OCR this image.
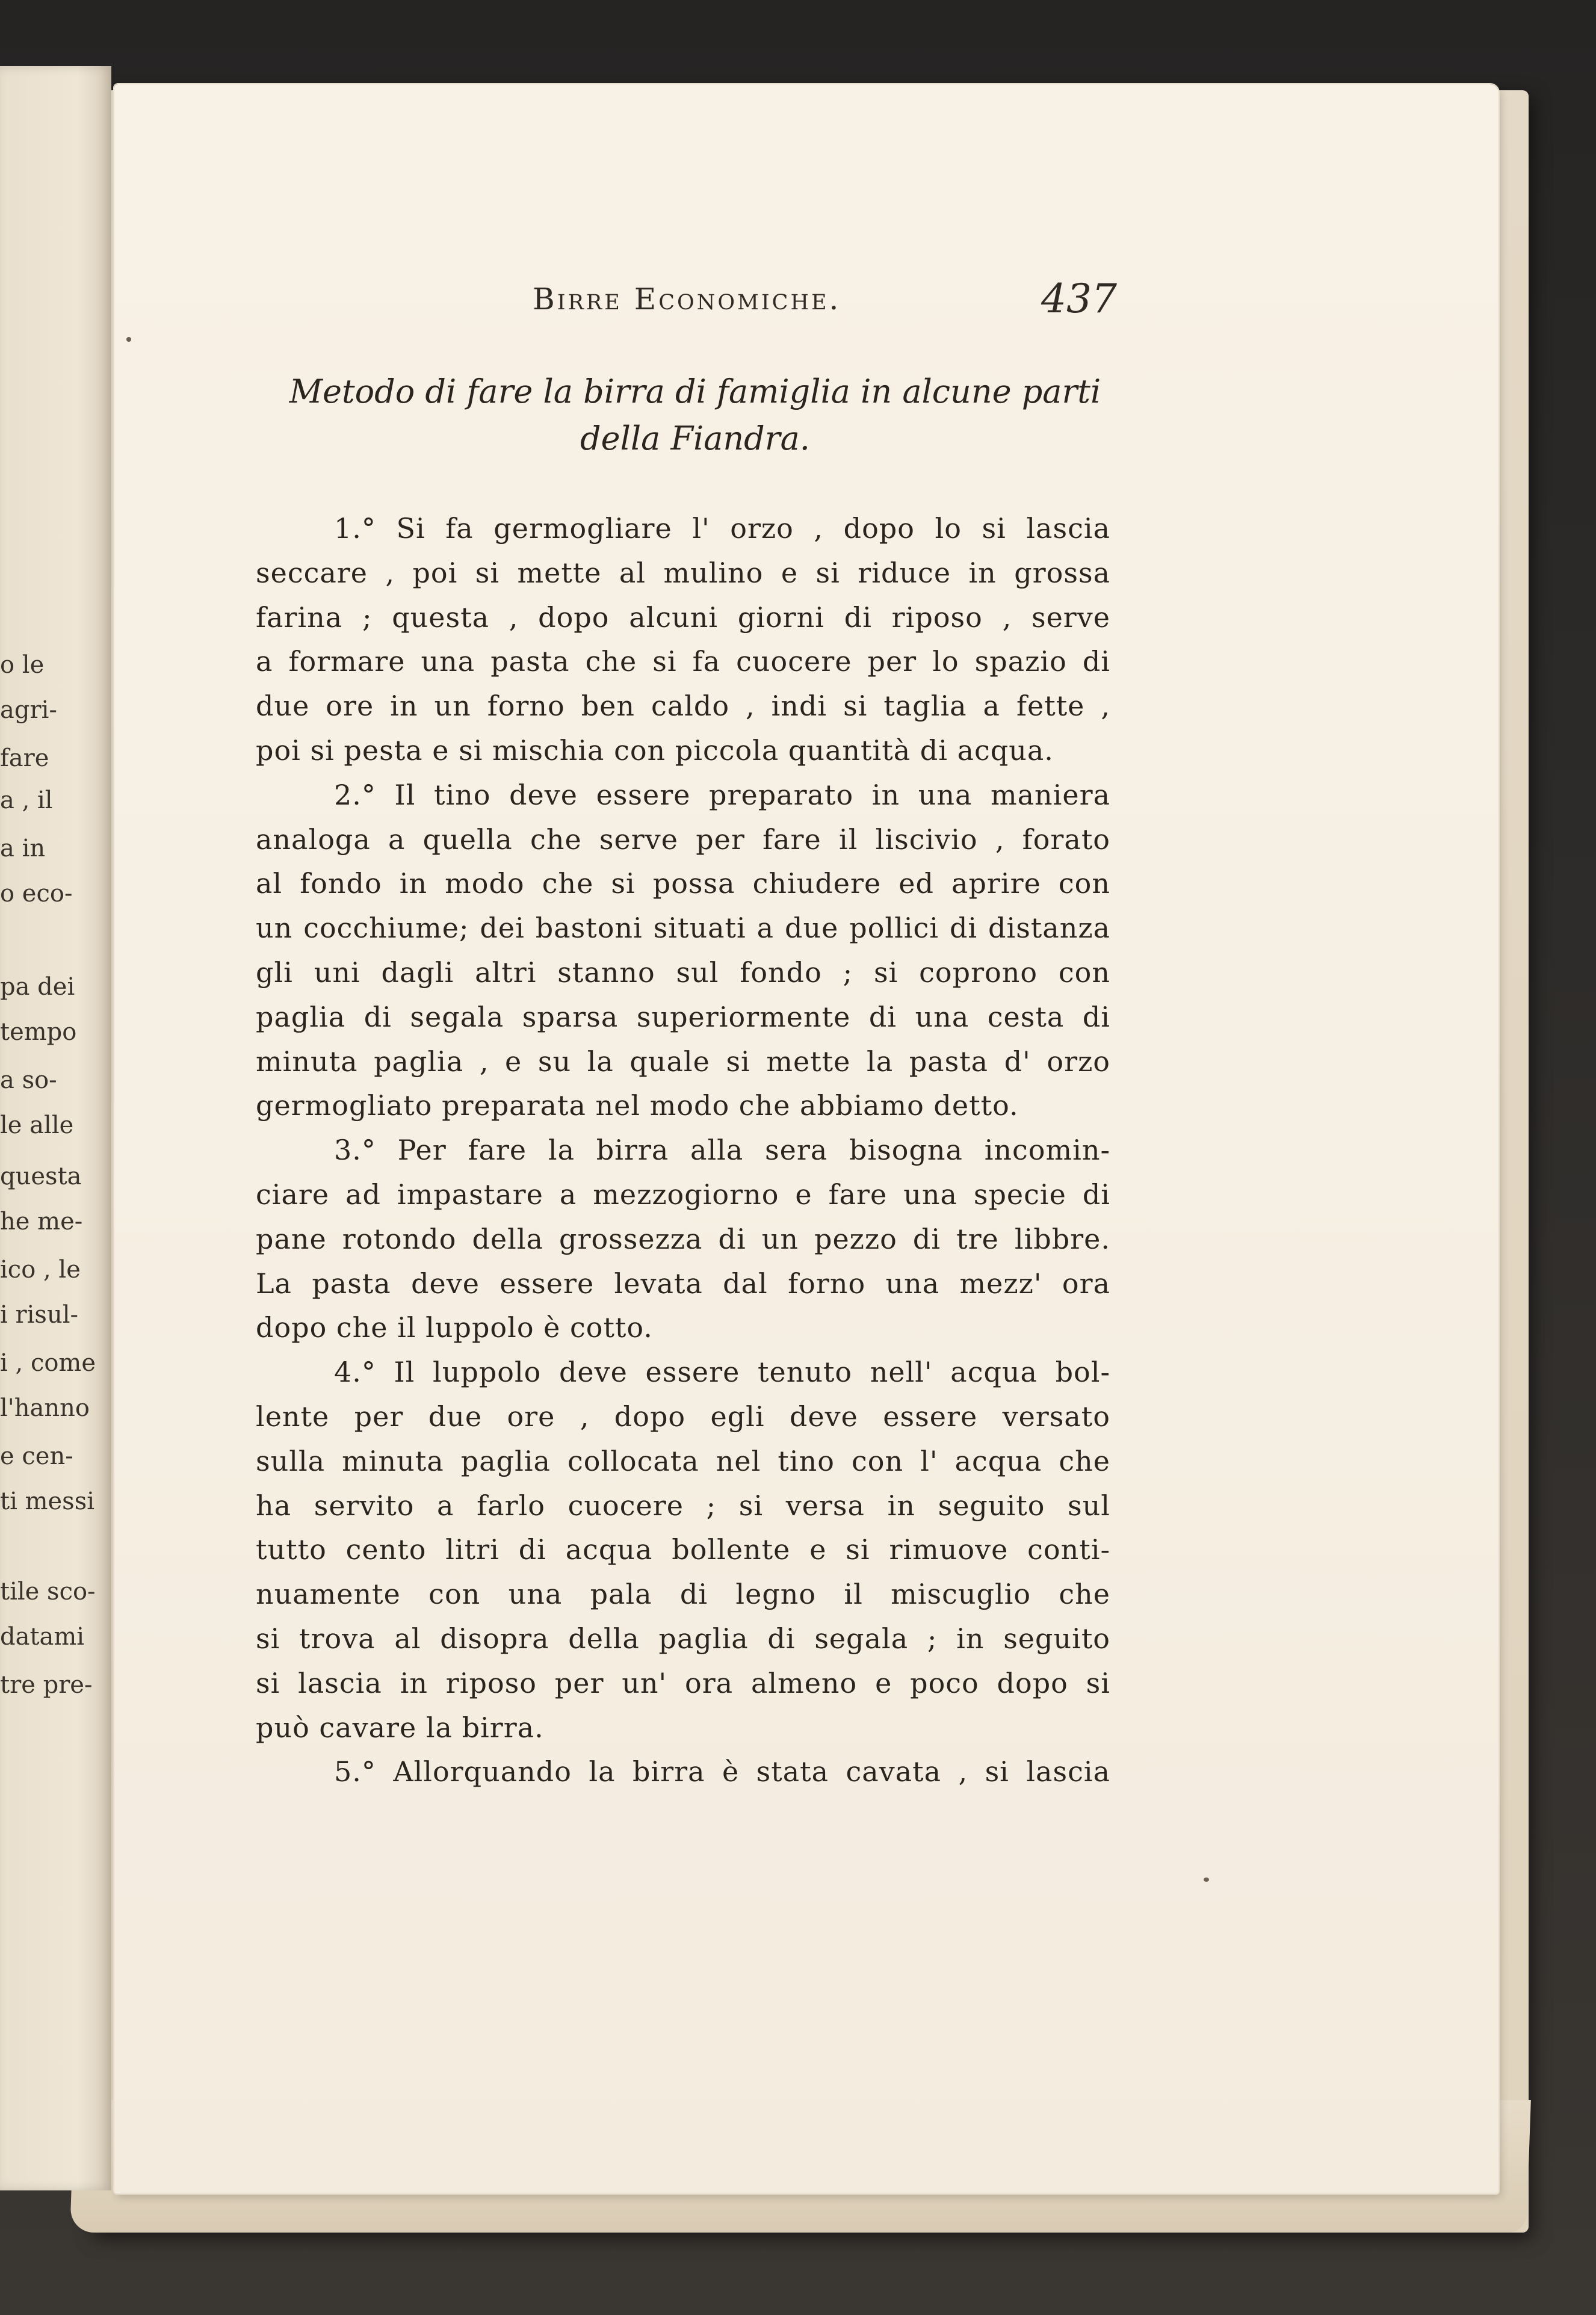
o le
agri-
fare
a , il
a in
o eco-
pa dei
tempo
a so-
le alle
questa
he me-
ico , le
i risul-
i , come
l'hanno
e cen-
ti messi
tile sco-
datami
tre pre-
Birre Economiche.	437
Metodo di fare la birra di famiglia in alcune parti
della Fiandra.
1.° Si fa germogliare l' orzo , dopo lo si lascia
seccare , poi si mette al mulino e si riduce in grossa
farina ; questa , dopo alcuni giorni di riposo , serve
a formare una pasta che si fa cuocere per lo spazio di
due ore in un forno ben caldo , indi si taglia a fette ,
poi si pesta e si mischia con piccola quantità di acqua.
2.° Il tino deve essere preparato in una maniera
analoga a quella che serve per fare il liscivio , forato
al fondo in modo che si possa chiudere ed aprire con
un cocchiume; dei bastoni situati a due pollici di distanza
gli uni dagli altri stanno sul fondo ; si coprono con
paglia di segala sparsa superiormente di una cesta di
minuta paglia , e su la quale si mette la pasta d' orzo
germogliato preparata nel modo che abbiamo detto.
3.° Per fare la birra alla sera bisogna incomin-
ciare ad impastare a mezzogiorno e fare una specie di
pane rotondo della grossezza di un pezzo di tre libbre.
La pasta deve essere levata dal forno una mezz' ora
dopo che il luppolo è cotto.
4.° Il luppolo deve essere tenuto nell' acqua bol-
lente per due ore , dopo egli deve essere versato
sulla minuta paglia collocata nel tino con l' acqua che
ha servito a farlo cuocere ; si versa in seguito sul
tutto cento litri di acqua bollente e si rimuove conti-
nuamente con una pala di legno il miscuglio che
si trova al disopra della paglia di segala ; in seguito
si lascia in riposo per un' ora almeno e poco dopo si
può cavare la birra.
5.° Allorquando la birra è stata cavata , si lascia
